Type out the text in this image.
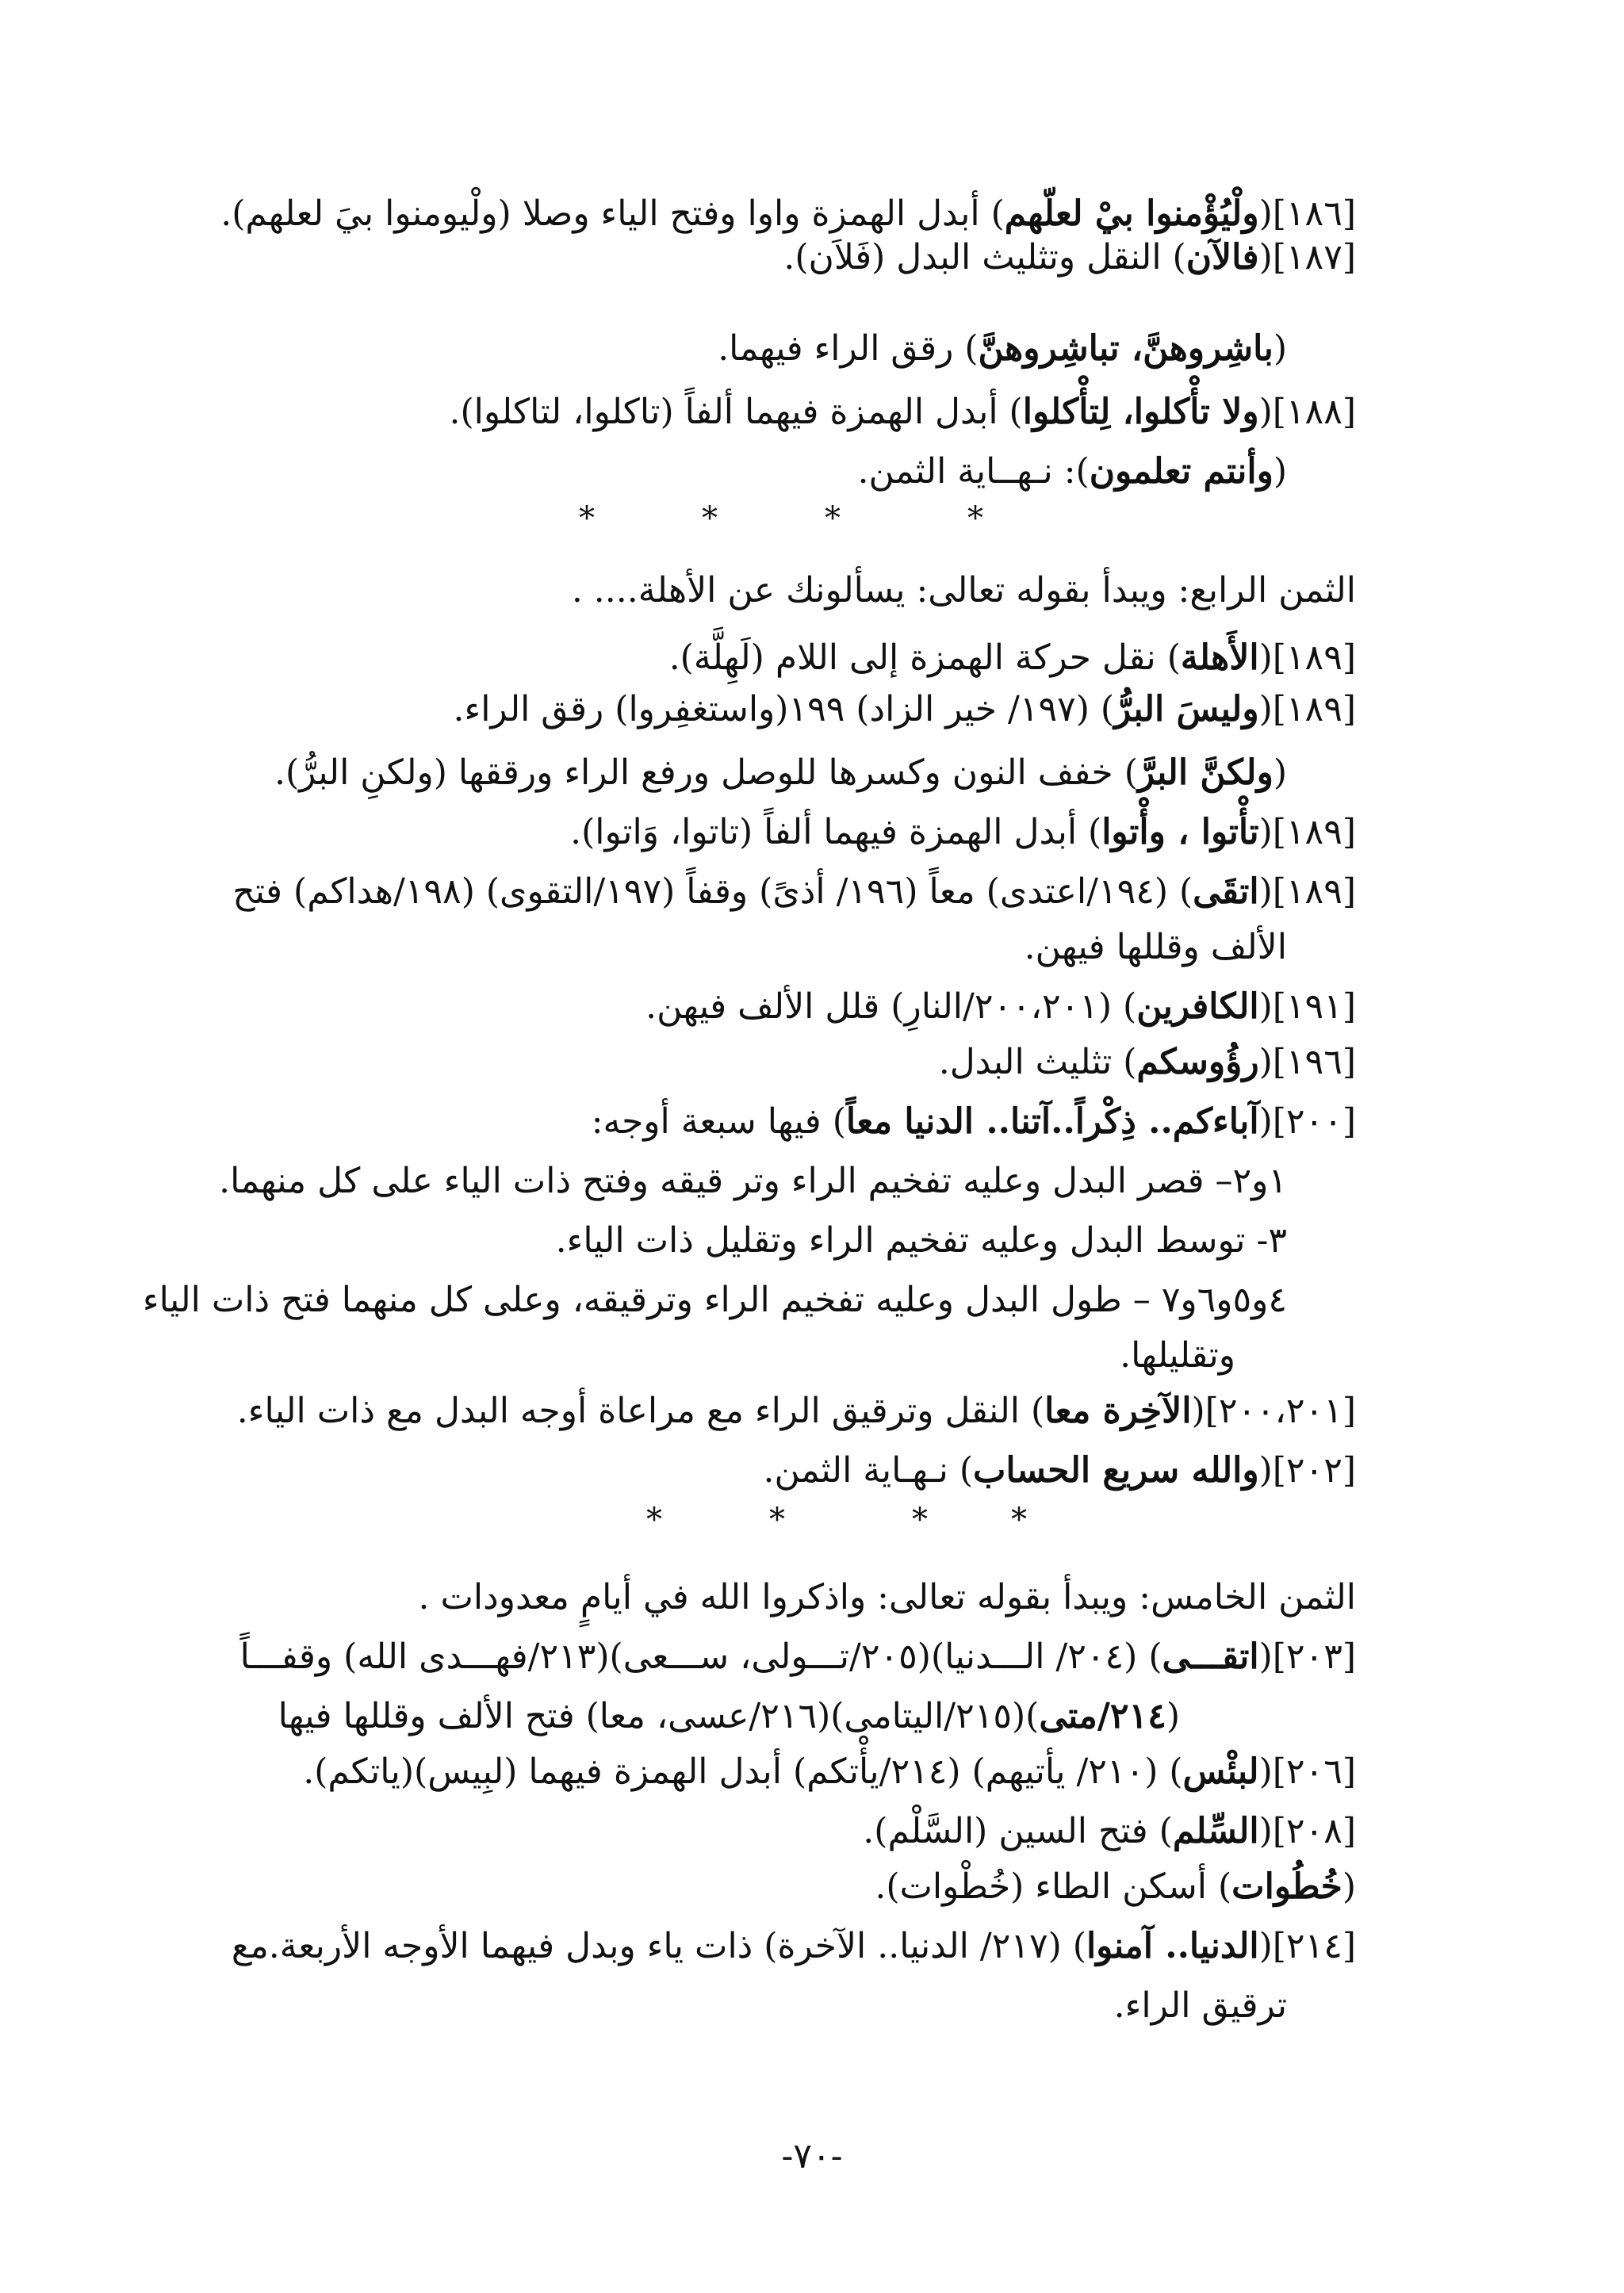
[١٨٦](ولْيُؤْمنوا بيْ لعلّهم) أبدل الهمزة واوا وفتح الياء وصلا (ولْيومنوا بيَ لعلهم).
[١٨٧](فالآن) النقل وتثليث البدل (فَلاَن).
(باشِروهنَّ، تباشِروهنَّ) رقق الراء فيهما.
[١٨٨](ولا تأْكلوا، لِتأْكلوا) أبدل الهمزة فيهما ألفاً (تاكلوا، لتاكلوا).
(وأنتم تعلمون): نـهــاية الثمن.
*	*	*	*
الثمن الرابع: ويبدأ بقوله تعالى: يسألونك عن الأهلة.... .
[١٨٩](الأَهلة) نقل حركة الهمزة إلى اللام (لَهِلَّة).
[١٨٩](وليسَ البرُّ) (١٩٧/ خير الزاد) ١٩٩(واستغفِروا) رقق الراء.
(ولكنَّ البرَّ) خفف النون وكسرها للوصل ورفع الراء ورققها (ولكنِ البرُّ).
[١٨٩](تأْتوا ، وأْتوا) أبدل الهمزة فيهما ألفاً (تاتوا، وَاتوا).
[١٨٩](اتقَى) (١٩٤/اعتدى) معاً (١٩٦/ أذىً) وقفاً (١٩٧/التقوى) (١٩٨/هداكم) فتح
الألف وقللها فيهن.
[١٩١](الكافرين) (٢٠٠،٢٠١/النارِ) قلل الألف فيهن.
[١٩٦](رؤُوسكم) تثليث البدل.
[٢٠٠](آباءكم.. ذِكْراً..آتنا.. الدنيا معاً) فيها سبعة أوجه:
١و٢– قصر البدل وعليه تفخيم الراء وتر قيقه وفتح ذات الياء على كل منهما.
٣- توسط البدل وعليه تفخيم الراء وتقليل ذات الياء.
٤و٥و٦و٧ – طول البدل وعليه تفخيم الراء وترقيقه، وعلى كل منهما فتح ذات الياء
وتقليلها.
[٢٠٠،٢٠١](الآخِرة معا) النقل وترقيق الراء مع مراعاة أوجه البدل مع ذات الياء.
[٢٠٢](والله سريع الحساب) نـهـاية الثمن.
*	*	*	*
الثمن الخامس: ويبدأ بقوله تعالى: واذكروا الله في أيامٍ معدودات .
[٢٠٣](اتقـــى) (٢٠٤/ الـــدنيا)(٢٠٥/تـــولى، ســـعى)(٢١٣/فهـــدى الله) وقفـــاً
(٢١٤/متى)(٢١٥/اليتامى)(٢١٦/عسى، معا) فتح الألف وقللها فيها
[٢٠٦](لبئْس) (٢١٠/ يأتيهم) (٢١٤/يأْتكم) أبدل الهمزة فيهما (لبِيس)(ياتكم).
[٢٠٨](السِّلم) فتح السين (السَّلْم).
(خُطُوات) أسكن الطاء (خُطْوات).
[٢١٤](الدنيا.. آمنوا) (٢١٧/ الدنيا.. الآخرة) ذات ياء وبدل فيهما الأوجه الأربعة.مع
ترقيق الراء.
-٧٠-
